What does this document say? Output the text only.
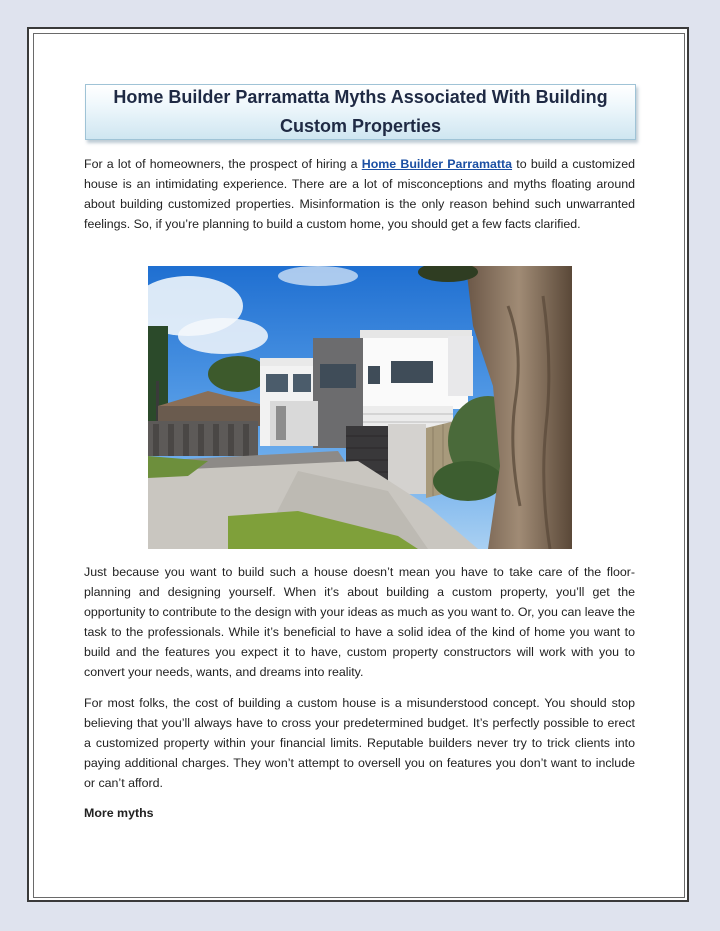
Home Builder Parramatta Myths Associated With Building Custom Properties

For a lot of homeowners, the prospect of hiring a Home Builder Parramatta to build a customized house is an intimidating experience. There are a lot of misconceptions and myths floating around about building customized properties. Misinformation is the only reason behind such unwarranted feelings. So, if you’re planning to build a custom home, you should get a few facts clarified.

Just because you want to build such a house doesn’t mean you have to take care of the floor-planning and designing yourself. When it’s about building a custom property, you’ll get the opportunity to contribute to the design with your ideas as much as you want to. Or, you can leave the task to the professionals. While it’s beneficial to have a solid idea of the kind of home you want to build and the features you expect it to have, custom property constructors will work with you to convert your needs, wants, and dreams into reality.

For most folks, the cost of building a custom house is a misunderstood concept. You should stop believing that you’ll always have to cross your predetermined budget. It’s perfectly possible to erect a customized property within your financial limits. Reputable builders never try to trick clients into paying additional charges. They won’t attempt to oversell you on features you don’t want to include or can’t afford.

More myths
